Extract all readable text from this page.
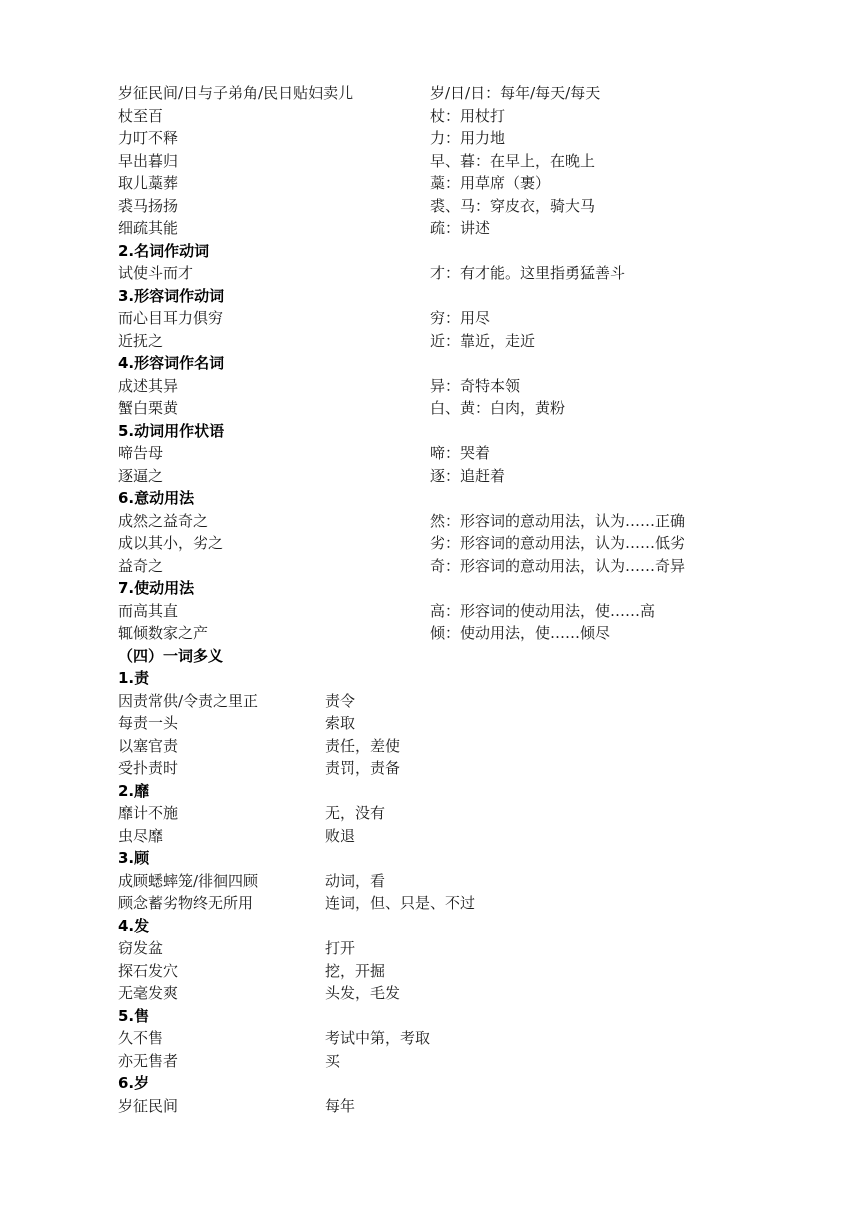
岁征民间/日与子弟角/民日贴妇卖儿	岁/日/日：每年/每天/每天
杖至百	杖：用杖打
力叮不释	力：用力地
早出暮归	早、暮：在早上，在晚上
取儿藁葬	藁：用草席（裹）
裘马扬扬	裘、马：穿皮衣，骑大马
细疏其能	疏：讲述
2.名词作动词
试使斗而才	才：有才能。这里指勇猛善斗
3.形容词作动词
而心目耳力俱穷	穷：用尽
近抚之	近：靠近，走近
4.形容词作名词
成述其异	异：奇特本领
蟹白栗黄	白、黄：白肉，黄粉
5.动词用作状语
啼告母	啼：哭着
逐逼之	逐：追赶着
6.意动用法
成然之益奇之	然：形容词的意动用法，认为……正确
成以其小，劣之	劣：形容词的意动用法，认为……低劣
益奇之	奇：形容词的意动用法，认为……奇异
7.使动用法
而高其直	高：形容词的使动用法，使……高
辄倾数家之产	倾：使动用法，使……倾尽
（四）一词多义
1.责
因责常供/令责之里正	责令
每责一头	索取
以塞官责	责任，差使
受扑责时	责罚，责备
2.靡
靡计不施	无，没有
虫尽靡	败退
3.顾
成顾蟋蟀笼/徘徊四顾	动词，看
顾念蓄劣物终无所用	连词，但、只是、不过
4.发
窃发盆	打开
探石发穴	挖，开掘
无毫发爽	头发，毛发
5.售
久不售	考试中第，考取
亦无售者	买
6.岁
岁征民间	每年
